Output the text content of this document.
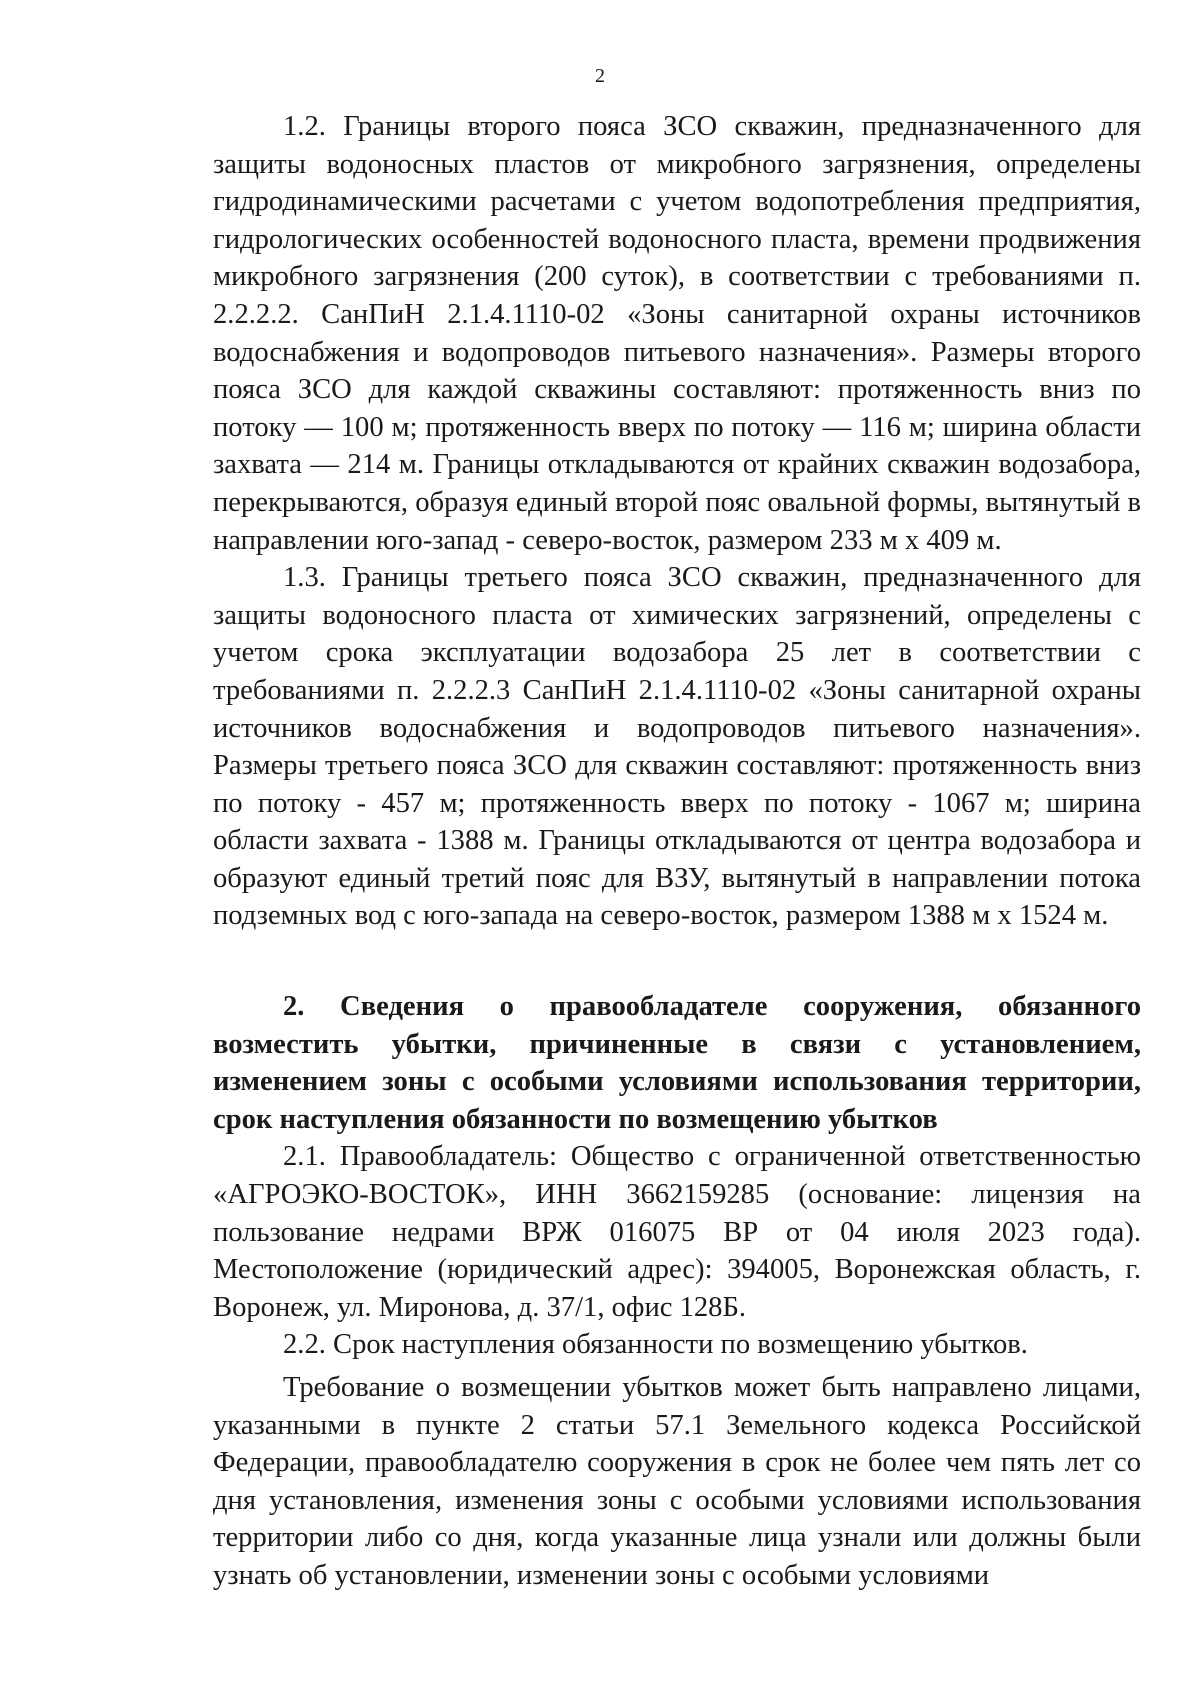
2

1.2. Границы второго пояса ЗСО скважин, предназначенного для защиты водоносных пластов от микробного загрязнения, определены гидродинамическими расчетами с учетом водопотребления предприятия, гидрологических особенностей водоносного пласта, времени продвижения микробного загрязнения (200 суток), в соответствии с требованиями п. 2.2.2.2. СанПиН 2.1.4.1110-02 «Зоны санитарной охраны источников водоснабжения и водопроводов питьевого назначения». Размеры второго пояса ЗСО для каждой скважины составляют: протяженность вниз по потоку — 100 м; протяженность вверх по потоку — 116 м; ширина области захвата — 214 м. Границы откладываются от крайних скважин водозабора, перекрываются, образуя единый второй пояс овальной формы, вытянутый в направлении юго-запад - северо-восток, размером 233 м х 409 м.

1.3. Границы третьего пояса ЗСО скважин, предназначенного для защиты водоносного пласта от химических загрязнений, определены с учетом срока эксплуатации водозабора 25 лет в соответствии с требованиями п. 2.2.2.3 СанПиН 2.1.4.1110-02 «Зоны санитарной охраны источников водоснабжения и водопроводов питьевого назначения». Размеры третьего пояса ЗСО для скважин составляют: протяженность вниз по потоку - 457 м; протяженность вверх по потоку - 1067 м; ширина области захвата - 1388 м. Границы откладываются от центра водозабора и образуют единый третий пояс для ВЗУ, вытянутый в направлении потока подземных вод с юго-запада на северо-восток, размером 1388 м х 1524 м.

2. Сведения о правообладателе сооружения, обязанного возместить убытки, причиненные в связи с установлением, изменением зоны с особыми условиями использования территории, срок наступления обязанности по возмещению убытков

2.1. Правообладатель: Общество с ограниченной ответственностью «АГРОЭКО-ВОСТОК», ИНН 3662159285 (основание: лицензия на пользование недрами ВРЖ 016075 ВР от 04 июля 2023 года). Местоположение (юридический адрес): 394005, Воронежская область, г. Воронеж, ул. Миронова, д. 37/1, офис 128Б.

2.2. Срок наступления обязанности по возмещению убытков.

Требование о возмещении убытков может быть направлено лицами, указанными в пункте 2 статьи 57.1 Земельного кодекса Российской Федерации, правообладателю сооружения в срок не более чем пять лет со дня установления, изменения зоны с особыми условиями использования территории либо со дня, когда указанные лица узнали или должны были узнать об установлении, изменении зоны с особыми условиями
